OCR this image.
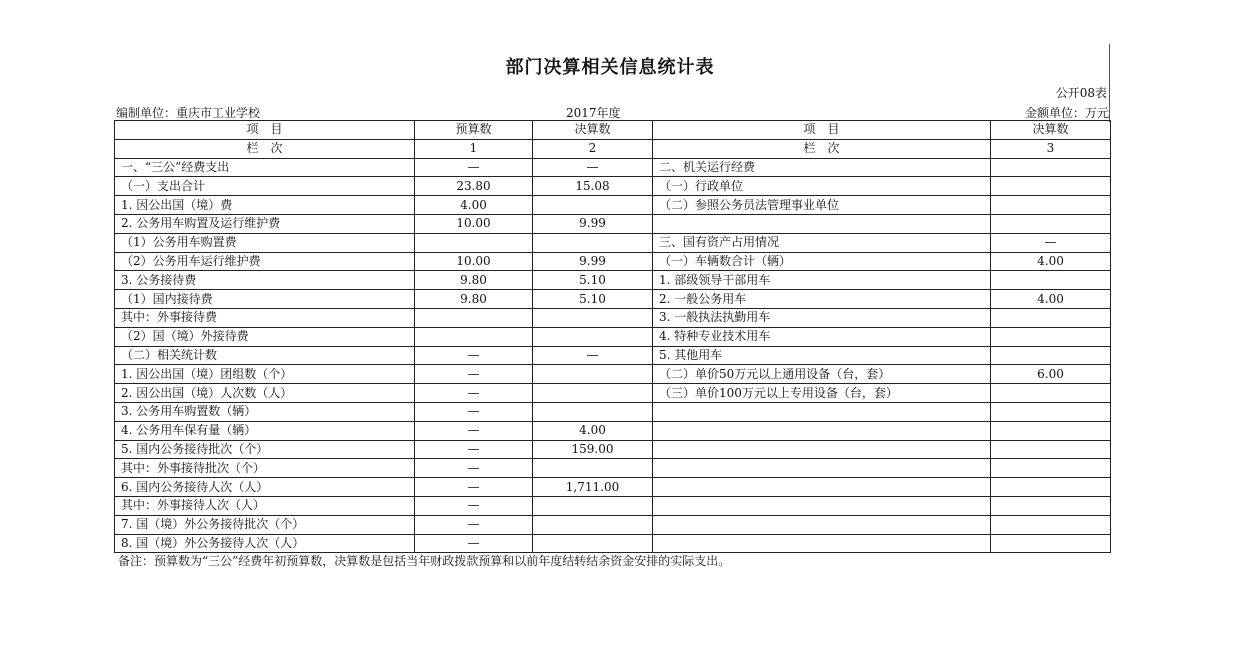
部门决算相关信息统计表
公开08表
编制单位：重庆市工业学校	2017年度	金额单位：万元
项　目	预算数	决算数	项　目	决算数
栏　次	1	2	栏　次	3
一、“三公”经费支出	—	—	二、机关运行经费	
（一）支出合计	23.80	15.08	（一）行政单位	
1. 因公出国（境）费	4.00		（二）参照公务员法管理事业单位	
2. 公务用车购置及运行维护费	10.00	9.99		
（1）公务用车购置费			三、国有资产占用情况	—
（2）公务用车运行维护费	10.00	9.99	（一）车辆数合计（辆）	4.00
3. 公务接待费	9.80	5.10	1. 部级领导干部用车	
（1）国内接待费	9.80	5.10	2. 一般公务用车	4.00
其中：外事接待费			3. 一般执法执勤用车	
（2）国（境）外接待费			4. 特种专业技术用车	
（二）相关统计数	—	—	5. 其他用车	
1. 因公出国（境）团组数（个）	—		（二）单价50万元以上通用设备（台，套）	6.00
2. 因公出国（境）人次数（人）	—		（三）单价100万元以上专用设备（台，套）	
3. 公务用车购置数（辆）	—			
4. 公务用车保有量（辆）	—	4.00		
5. 国内公务接待批次（个）	—	159.00		
其中：外事接待批次（个）	—			
6. 国内公务接待人次（人）	—	1,711.00		
其中：外事接待人次（人）	—			
7. 国（境）外公务接待批次（个）	—			
8. 国（境）外公务接待人次（人）	—			
备注：预算数为“三公”经费年初预算数，决算数是包括当年财政拨款预算和以前年度结转结余资金安排的实际支出。
